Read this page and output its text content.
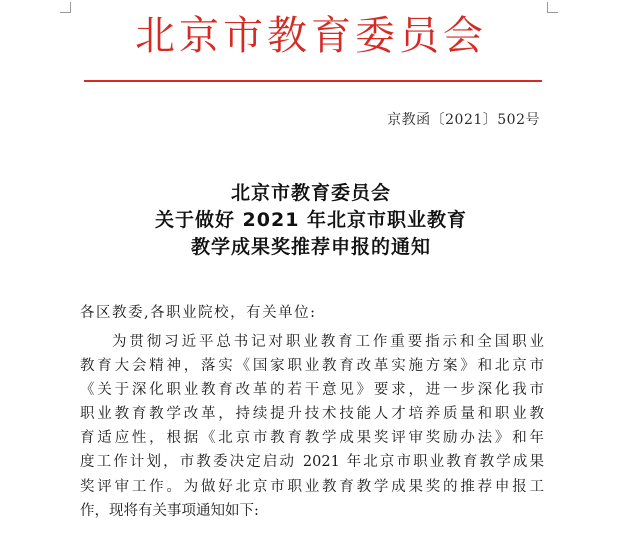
北京市教育委员会
京教函〔2021〕502号
北京市教育委员会
关于做好 2021 年北京市职业教育
教学成果奖推荐申报的通知
各区教委,各职业院校，有关单位:
为贯彻习近平总书记对职业教育工作重要指示和全国职业
教育大会精神，落实《国家职业教育改革实施方案》和北京市
《关于深化职业教育改革的若干意见》要求，进一步深化我市
职业教育教学改革，持续提升技术技能人才培养质量和职业教
育适应性，根据《北京市教育教学成果奖评审奖励办法》和年
度工作计划，市教委决定启动 2021 年北京市职业教育教学成果
奖评审工作。为做好北京市职业教育教学成果奖的推荐申报工
作，现将有关事项通知如下:
